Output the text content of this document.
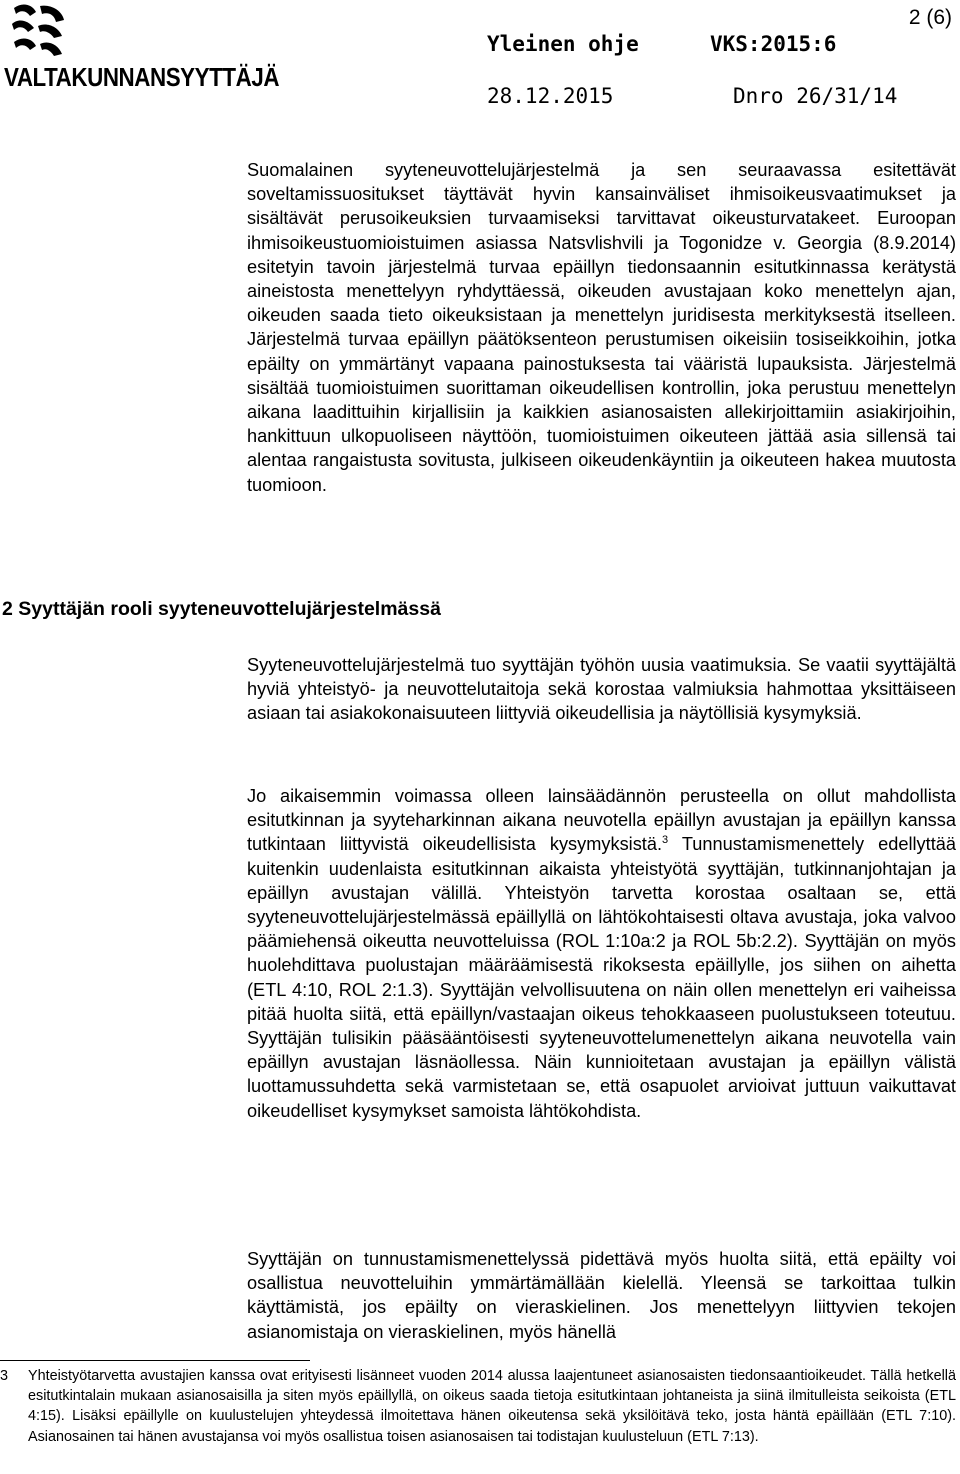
VALTAKUNNANSYYTTÄJÄ
Yleinen ohje	VKS:2015:6
28.12.2015	Dnro 26/31/14
2 (6)
Suomalainen syyteneuvottelujärjestelmä ja sen seuraavassa esitettävät soveltamissuositukset täyttävät hyvin kansainväliset ihmisoikeusvaatimukset ja sisältävät perusoikeuksien turvaamiseksi tarvittavat oikeusturvatakeet. Euroopan ihmisoikeustuomioistuimen asiassa Natsvlishvili ja Togonidze v. Georgia (8.9.2014) esitetyin tavoin järjestelmä turvaa epäillyn tiedonsaannin esitutkinnassa kerätystä aineistosta menettelyyn ryhdyttäessä, oikeuden avustajaan koko menettelyn ajan, oikeuden saada tieto oikeuksistaan ja menettelyn juridisesta merkityksestä itselleen. Järjestelmä turvaa epäillyn päätöksenteon perustumisen oikeisiin tosiseikkoihin, jotka epäilty on ymmärtänyt vapaana painostuksesta tai vääristä lupauksista. Järjestelmä sisältää tuomioistuimen suorittaman oikeudellisen kontrollin, joka perustuu menettelyn aikana laadittuihin kirjallisiin ja kaikkien asianosaisten allekirjoittamiin asiakirjoihin, hankittuun ulkopuoliseen näyttöön, tuomioistuimen oikeuteen jättää asia sillensä tai alentaa rangaistusta sovitusta, julkiseen oikeudenkäyntiin ja oikeuteen hakea muutosta tuomioon.
2 Syyttäjän rooli syyteneuvottelujärjestelmässä
Syyteneuvottelujärjestelmä tuo syyttäjän työhön uusia vaatimuksia. Se vaatii syyttäjältä hyviä yhteistyö- ja neuvottelutaitoja sekä korostaa valmiuksia hahmottaa yksittäiseen asiaan tai asiakokonaisuuteen liittyviä oikeudellisia ja näytöllisiä kysymyksiä.
Jo aikaisemmin voimassa olleen lainsäädännön perusteella on ollut mahdollista esitutkinnan ja syyteharkinnan aikana neuvotella epäillyn avustajan ja epäillyn kanssa tutkintaan liittyvistä oikeudellisista kysymyksistä.$^3$ Tunnustamismenettely edellyttää kuitenkin uudenlaista esitutkinnan aikaista yhteistyötä syyttäjän, tutkinnanjohtajan ja epäillyn avustajan välillä. Yhteistyön tarvetta korostaa osaltaan se, että syyteneuvottelujärjestelmässä epäillyllä on lähtökohtaisesti oltava avustaja, joka valvoo päämiehensä oikeutta neuvotteluissa (ROL 1:10a:2 ja ROL 5b:2.2). Syyttäjän on myös huolehdittava puolustajan määräämisestä rikoksesta epäillylle, jos siihen on aihetta (ETL 4:10, ROL 2:1.3). Syyttäjän velvollisuutena on näin ollen menettelyn eri vaiheissa pitää huolta siitä, että epäillyn/vastaajan oikeus tehokkaaseen puolustukseen toteutuu. Syyttäjän tulisikin pääsääntöisesti syyteneuvottelumenettelyn aikana neuvotella vain epäillyn avustajan läsnäollessa. Näin kunnioitetaan avustajan ja epäillyn välistä luottamussuhdetta sekä varmistetaan se, että osapuolet arvioivat juttuun vaikuttavat oikeudelliset kysymykset samoista lähtökohdista.
Syyttäjän on tunnustamismenettelyssä pidettävä myös huolta siitä, että epäilty voi osallistua neuvotteluihin ymmärtämällään kielellä. Yleensä se tarkoittaa tulkin käyttämistä, jos epäilty on vieraskielinen. Jos menettelyyn liittyvien tekojen asianomistaja on vieraskielinen, myös hänellä
3	Yhteistyötarvetta avustajien kanssa ovat erityisesti lisänneet vuoden 2014 alussa laajentuneet asianosaisten tiedonsaantioikeudet. Tällä hetkellä esitutkintalain mukaan asianosaisilla ja siten myös epäillyllä, on oikeus saada tietoja esitutkintaan johtaneista ja siinä ilmitulleista seikoista (ETL 4:15). Lisäksi epäillylle on kuulustelujen yhteydessä ilmoitettava hänen oikeutensa sekä yksilöitävä teko, josta häntä epäillään (ETL 7:10). Asianosainen tai hänen avustajansa voi myös osallistua toisen asianosaisen tai todistajan kuulusteluun (ETL 7:13).
